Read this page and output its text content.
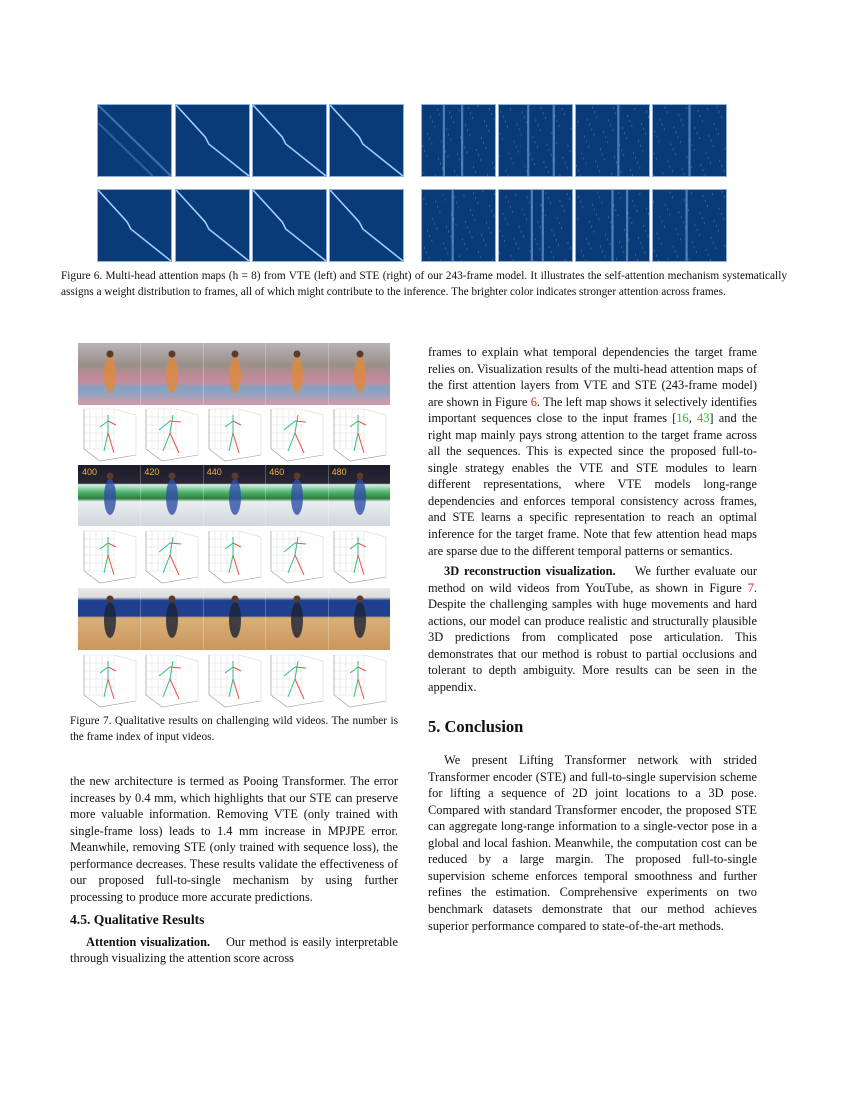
Figure 6. Multi-head attention maps (h = 8) from VTE (left) and STE (right) of our 243-frame model. It illustrates the self-attention mechanism systematically assigns a weight distribution to frames, all of which might contribute to the inference. The brighter color indicates stronger attention across frames.
400	420	440	460	480
Figure 7. Qualitative results on challenging wild videos. The number is the frame index of input videos.

the new architecture is termed as Pooing Transformer. The error increases by 0.4 mm, which highlights that our STE can preserve more valuable information. Removing VTE (only trained with single-frame loss) leads to 1.4 mm increase in MPJPE error. Meanwhile, removing STE (only trained with sequence loss), the performance decreases. These results validate the effectiveness of our proposed full-to-single mechanism by using further processing to produce more accurate predictions.

4.5. Qualitative Results

Attention visualization. Our method is easily interpretable through visualizing the attention score across

frames to explain what temporal dependencies the target frame relies on. Visualization results of the multi-head attention maps of the first attention layers from VTE and STE (243-frame model) are shown in Figure 6. The left map shows it selectively identifies important sequences close to the input frames [16, 43] and the right map mainly pays strong attention to the target frame across all the sequences. This is expected since the proposed full-to-single strategy enables the VTE and STE modules to learn different representations, where VTE models long-range dependencies and enforces temporal consistency across frames, and STE learns a specific representation to reach an optimal inference for the target frame. Note that few attention head maps are sparse due to the different temporal patterns or semantics.

3D reconstruction visualization. We further evaluate our method on wild videos from YouTube, as shown in Figure 7. Despite the challenging samples with huge movements and hard actions, our model can produce realistic and structurally plausible 3D predictions from complicated pose articulation. This demonstrates that our method is robust to partial occlusions and tolerant to depth ambiguity. More results can be seen in the appendix.

5. Conclusion

We present Lifting Transformer network with strided Transformer encoder (STE) and full-to-single supervision scheme for lifting a sequence of 2D joint locations to a 3D pose. Compared with standard Transformer encoder, the proposed STE can aggregate long-range information to a single-vector pose in a global and local fashion. Meanwhile, the computation cost can be reduced by a large margin. The proposed full-to-single supervision scheme enforces temporal smoothness and further refines the estimation. Comprehensive experiments on two benchmark datasets demonstrate that our method achieves superior performance compared to state-of-the-art methods.
